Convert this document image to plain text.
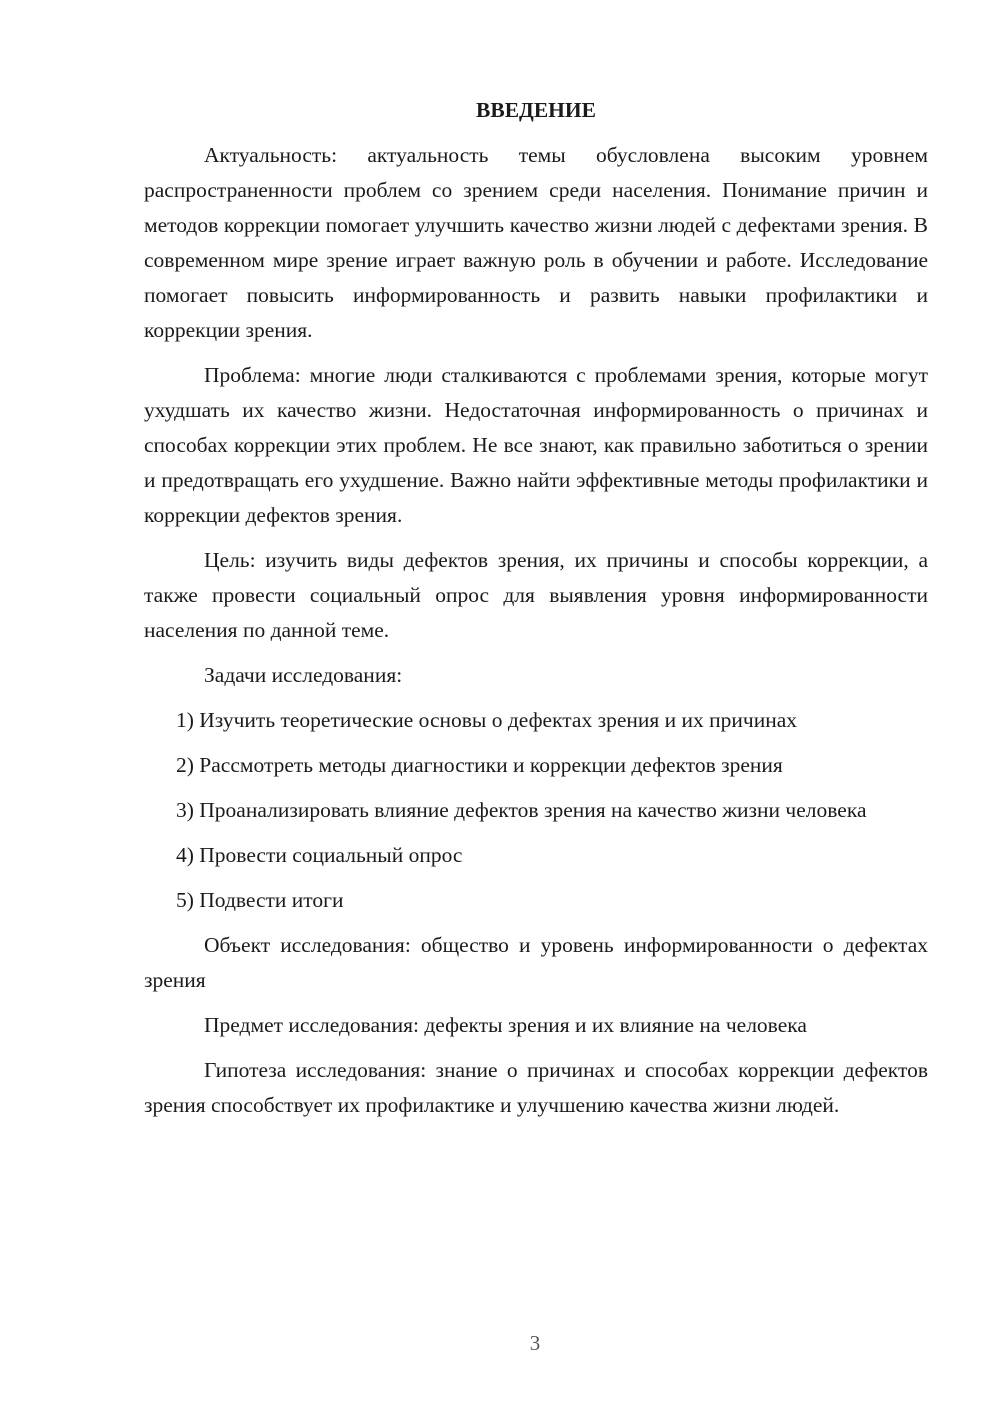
ВВЕДЕНИЕ

Актуальность: актуальность темы обусловлена высоким уровнем распространенности проблем со зрением среди населения. Понимание причин и методов коррекции помогает улучшить качество жизни людей с дефектами зрения. В современном мире зрение играет важную роль в обучении и работе. Исследование помогает повысить информированность и развить навыки профилактики и коррекции зрения.

Проблема: многие люди сталкиваются с проблемами зрения, которые могут ухудшать их качество жизни. Недостаточная информированность о причинах и способах коррекции этих проблем. Не все знают, как правильно заботиться о зрении и предотвращать его ухудшение. Важно найти эффективные методы профилактики и коррекции дефектов зрения.

Цель: изучить виды дефектов зрения, их причины и способы коррекции, а также провести социальный опрос для выявления уровня информированности населения по данной теме.

Задачи исследования:

1) Изучить теоретические основы о дефектах зрения и их причинах

2) Рассмотреть методы диагностики и коррекции дефектов зрения

3) Проанализировать влияние дефектов зрения на качество жизни человека

4) Провести социальный опрос

5) Подвести итоги

Объект исследования: общество и уровень информированности о дефектах зрения

Предмет исследования: дефекты зрения и их влияние на человека

Гипотеза исследования: знание о причинах и способах коррекции дефектов зрения способствует их профилактике и улучшению качества жизни людей.

3
